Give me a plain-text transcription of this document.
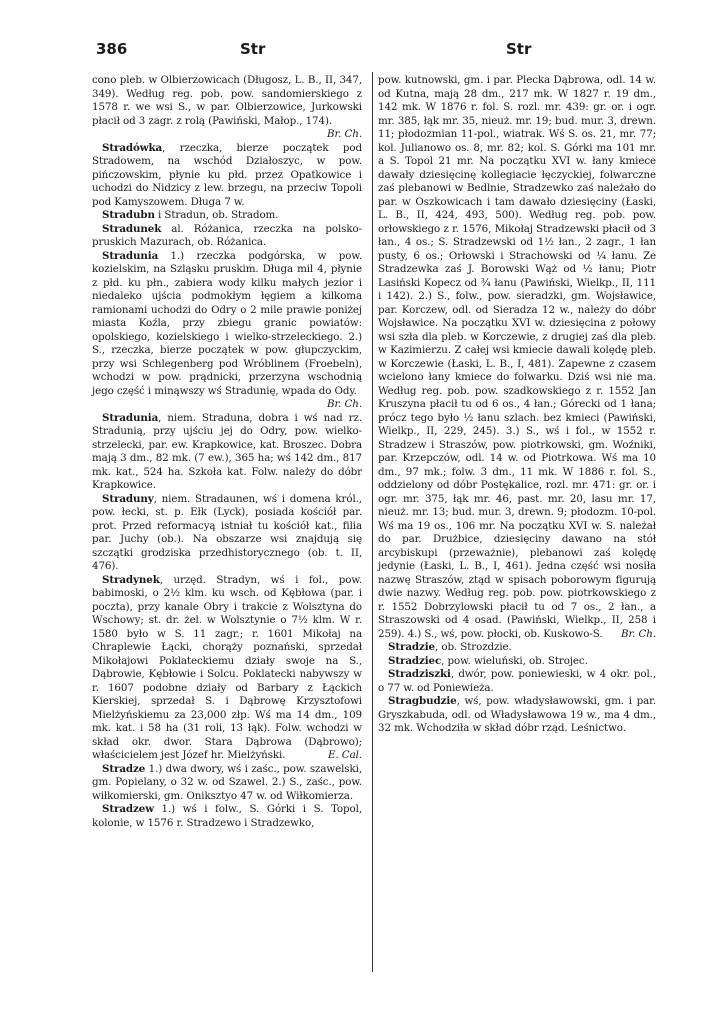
386	Str	Str

cono pleb. w Olbierzowicach (Długosz, L. B., II, 347, 349). Według reg. pob. pow. sandomierskiego z 1578 r. we wsi S., w par. Olbierzowice, Jurkowski płacił od 3 zagr. z rolą (Pawiński, Małop., 174).
Br. Ch.

Stradówka, rzeczka, bierze początek pod Stradowem, na wschód Działoszyc, w pow. pińczowskim, płynie ku płd. przez Opatkowice i uchodzi do Nidzicy z lew. brzegu, na przeciw Topoli pod Kamyszowem. Długa 7 w.

Stradubn i Stradun, ob. Stradom.

Stradunek al. Różanica, rzeczka na polsko-pruskich Mazurach, ob. Różanica.

Stradunia 1.) rzeczka podgórska, w pow. kozielskim, na Szląsku pruskim. Długa mil 4, płynie z płd. ku płn., zabiera wody kilku małych jezior i niedaleko ujścia podmokłym łęgiem a kilkoma ramionami uchodzi do Odry o 2 mile prawie poniżej miasta Koźla, przy zbiegu granic powiatów: opolskiego, kozielskiego i wielko-strzeleckiego. 2.) S., rzeczka, bierze początek w pow. głupczyckim, przy wsi Schlegenberg pod Wróblinem (Froebeln), wchodzi w pow. prądnicki, przerzyna wschodnią jego część i minąwszy wś Stradunię, wpada do Ody.
Br. Ch.

Stradunia, niem. Straduna, dobra i wś nad rz. Stradunią, przy ujściu jej do Odry, pow. wielko-strzelecki, par. ew. Krapkowice, kat. Broszec. Dobra mają 3 dm., 82 mk. (7 ew.), 365 ha; wś 142 dm., 817 mk. kat., 524 ha. Szkoła kat. Folw. należy do dóbr Krapkowice.

Straduny, niem. Stradaunen, wś i domena król., pow. łecki, st. p. Ełk (Lyck), posiada kościół par. prot. Przed reformacyą istniał tu kościół kat., filia par. Juchy (ob.). Na obszarze wsi znajdują się szczątki grodziska przedhistorycznego (ob. t. II, 476).

Stradynek, urzęd. Stradyn, wś i fol., pow. babimoski, o 2½ klm. ku wsch. od Kębłowa (par. i poczta), przy kanale Obry i trakcie z Wolsztyna do Wschowy; st. dr. żel. w Wolsztynie o 7½ klm. W r. 1580 było w S. 11 zagr.; r. 1601 Mikołaj na Chraplewie Łącki, chorąży poznański, sprzedał Mikołajowi Poklateckiemu działy swoje na S., Dąbrowie, Kębłowie i Solcu. Poklatecki nabywszy w r. 1607 podobne działy od Barbary z Łąckich Kierskiej, sprzedał S. i Dąbrowę Krzysztofowi Mielżyńskiemu za 23,000 złp. Wś ma 14 dm., 109 mk. kat. i 58 ha (31 roli, 13 łąk). Folw. wchodzi w skład okr. dwor. Stara Dąbrowa (Dąbrowo); właścicielem jest Józef hr. Mielżyński.	E. Cal.

Stradze 1.) dwa dwory, wś i zaśc., pow. szawelski, gm. Popielany, o 32 w. od Szawel. 2.) S., zaśc., pow. wiłkomierski, gm. Oniksztyo 47 w. od Wiłkomierza.

Stradzew 1.) wś i folw., S. Górki i S. Topol, kolonie, w 1576 r. Stradzewo i Stradzewko,

pow. kutnowski, gm. i par. Plecka Dąbrowa, odl. 14 w. od Kutna, mają 28 dm., 217 mk. W 1827 r. 19 dm., 142 mk. W 1876 r. fol. S. rozl. mr. 439: gr. or. i ogr. mr. 385, łąk mr. 35, nieuż. mr. 19; bud. mur. 3, drewn. 11; płodozmian 11-pol., wiatrak. Wś S. os. 21, mr. 77; kol. Julianowo os. 8, mr. 82; kol. S. Górki ma 101 mr. a S. Topol 21 mr. Na początku XVI w. łany kmiece dawały dziesięcinę kollegiacie łęczyckiej, folwarczne zaś plebanowi w Bedlnie, Stradzewko zaś należało do par. w Oszkowicach i tam dawało dziesięciny (Łaski, L. B., II, 424, 493, 500). Według reg. pob. pow. orłowskiego z r. 1576, Mikołaj Stradzewski płacił od 3 łan., 4 os.; S. Stradzewski od 1½ łan., 2 zagr., 1 łan pusty, 6 os.; Orłowski i Strachowski od ¼ łanu. Ze Stradzewka zaś J. Borowski Wąż od ½ łanu; Piotr Lasiński Kopecz od ¾ łanu (Pawiński, Wielkp., II, 111 i 142). 2.) S., folw., pow. sieradzki, gm. Wojsławice, par. Korczew, odl. od Sieradza 12 w., należy do dóbr Wojsławice. Na początku XVI w. dziesięcina z połowy wsi szła dla pleb. w Korczewie, z drugiej zaś dla pleb. w Kazimierzu. Z całej wsi kmiecie dawali kolędę pleb. w Korczewie (Łaski, L. B., I, 481). Zapewne z czasem wcielono łany kmiece do folwarku. Dziś wsi nie ma. Według reg. pob. pow. szadkowskiego z r. 1552 Jan Kruszyna płacił tu od 6 os., 4 łan.; Górecki od 1 łana; prócz tego było ½ łanu szlach. bez kmieci (Pawiński, Wielkp., II, 229, 245). 3.) S., wś i fol., w 1552 r. Stradzew i Straszów, pow. piotrkowski, gm. Woźniki, par. Krzepczów, odl. 14 w. od Piotrkowa. Wś ma 10 dm., 97 mk.; folw. 3 dm., 11 mk. W 1886 r. fol. S., oddzielony od dóbr Postękalice, rozl. mr. 471: gr. or. i ogr. mr. 375, łąk mr. 46, past. mr. 20, lasu mr. 17, nieuż. mr. 13; bud. mur. 3, drewn. 9; płodozm. 10-pol. Wś ma 19 os., 106 mr. Na początku XVI w. S. należał do par. Drużbice, dziesięciny dawano na stół arcybiskupi (przeważnie), plebanowi zaś kolędę jedynie (Łaski, L. B., I, 461). Jedna część wsi nosiła nazwę Straszów, ztąd w spisach poborowym figurują dwie nazwy. Według reg. pob. pow. piotrkowskiego z r. 1552 Dobrzylowski płacił tu od 7 os., 2 łan., a Straszowski od 4 osad. (Pawiński, Wielkp., II, 258 i 259). 4.) S., wś, pow. płocki, ob. Kuskowo-S. Br. Ch.

Stradzie, ob. Strozdzie.

Stradziec, pow. wieluński, ob. Strojec.

Stradziszki, dwór, pow. poniewieski, w 4 okr. pol., o 77 w. od Poniewieża.

Stragbudzie, wś, pow. władysławowski, gm. i par. Gryszkabuda, odl. od Władysławowa 19 w., ma 4 dm., 32 mk. Wchodziła w skład dóbr rząd. Leśnictwo.
